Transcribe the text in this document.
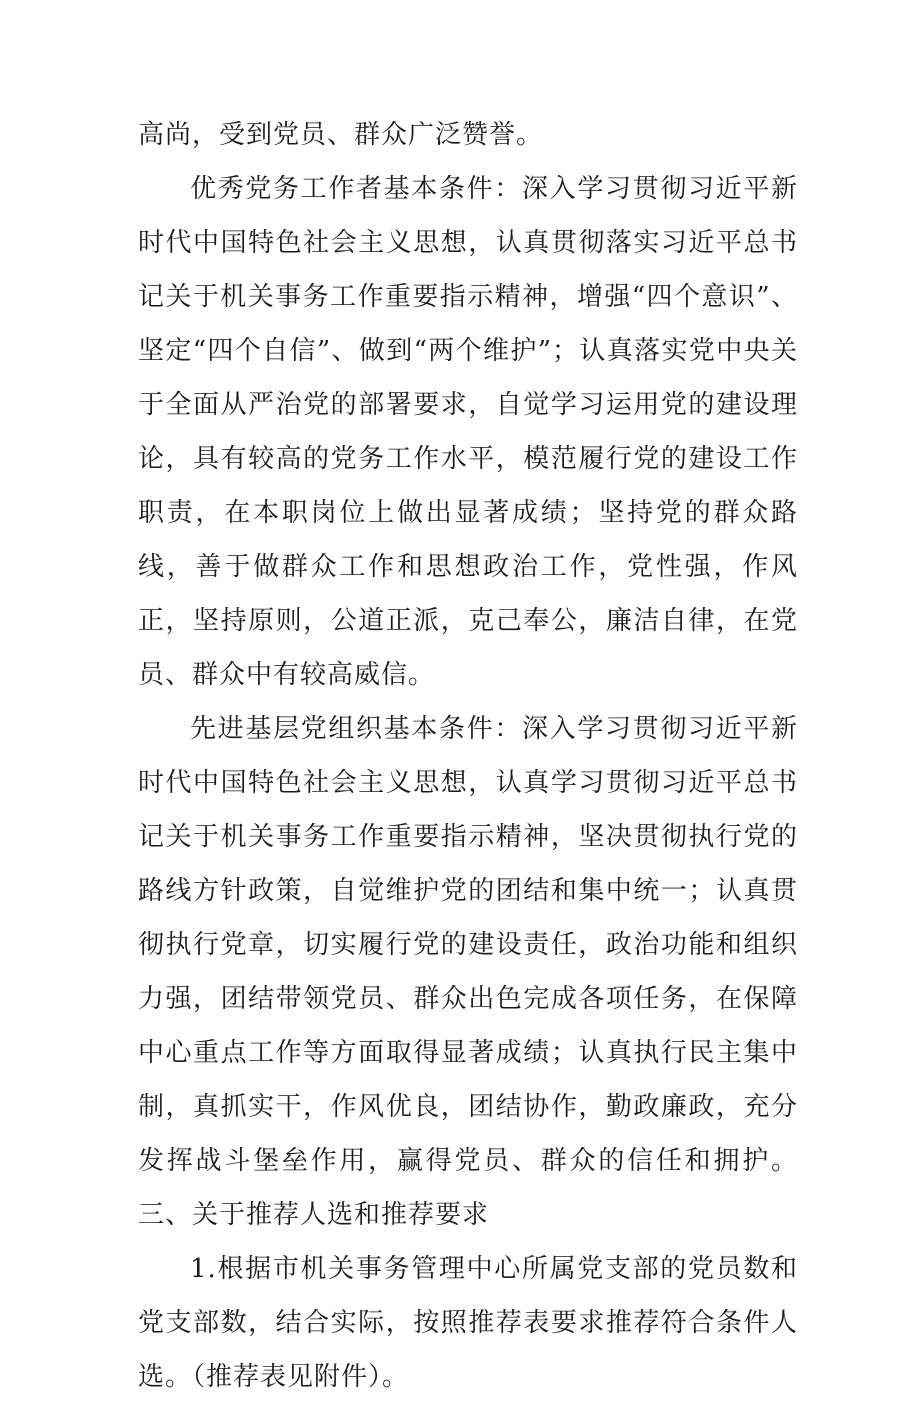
高尚，受到党员、群众广泛赞誉。

优秀党务工作者基本条件：深入学习贯彻习近平新时代中国特色社会主义思想，认真贯彻落实习近平总书记关于机关事务工作重要指示精神，增强“四个意识”、坚定“四个自信”、做到“两个维护”；认真落实党中央关于全面从严治党的部署要求，自觉学习运用党的建设理论，具有较高的党务工作水平，模范履行党的建设工作职责，在本职岗位上做出显著成绩；坚持党的群众路线，善于做群众工作和思想政治工作，党性强，作风正，坚持原则，公道正派，克己奉公，廉洁自律，在党员、群众中有较高威信。

先进基层党组织基本条件：深入学习贯彻习近平新时代中国特色社会主义思想，认真学习贯彻习近平总书记关于机关事务工作重要指示精神，坚决贯彻执行党的路线方针政策，自觉维护党的团结和集中统一；认真贯彻执行党章，切实履行党的建设责任，政治功能和组织力强，团结带领党员、群众出色完成各项任务，在保障中心重点工作等方面取得显著成绩；认真执行民主集中制，真抓实干，作风优良，团结协作，勤政廉政，充分发挥战斗堡垒作用，赢得党员、群众的信任和拥护。三、关于推荐人选和推荐要求

1.根据市机关事务管理中心所属党支部的党员数和党支部数，结合实际，按照推荐表要求推荐符合条件人选。（推荐表见附件）。
